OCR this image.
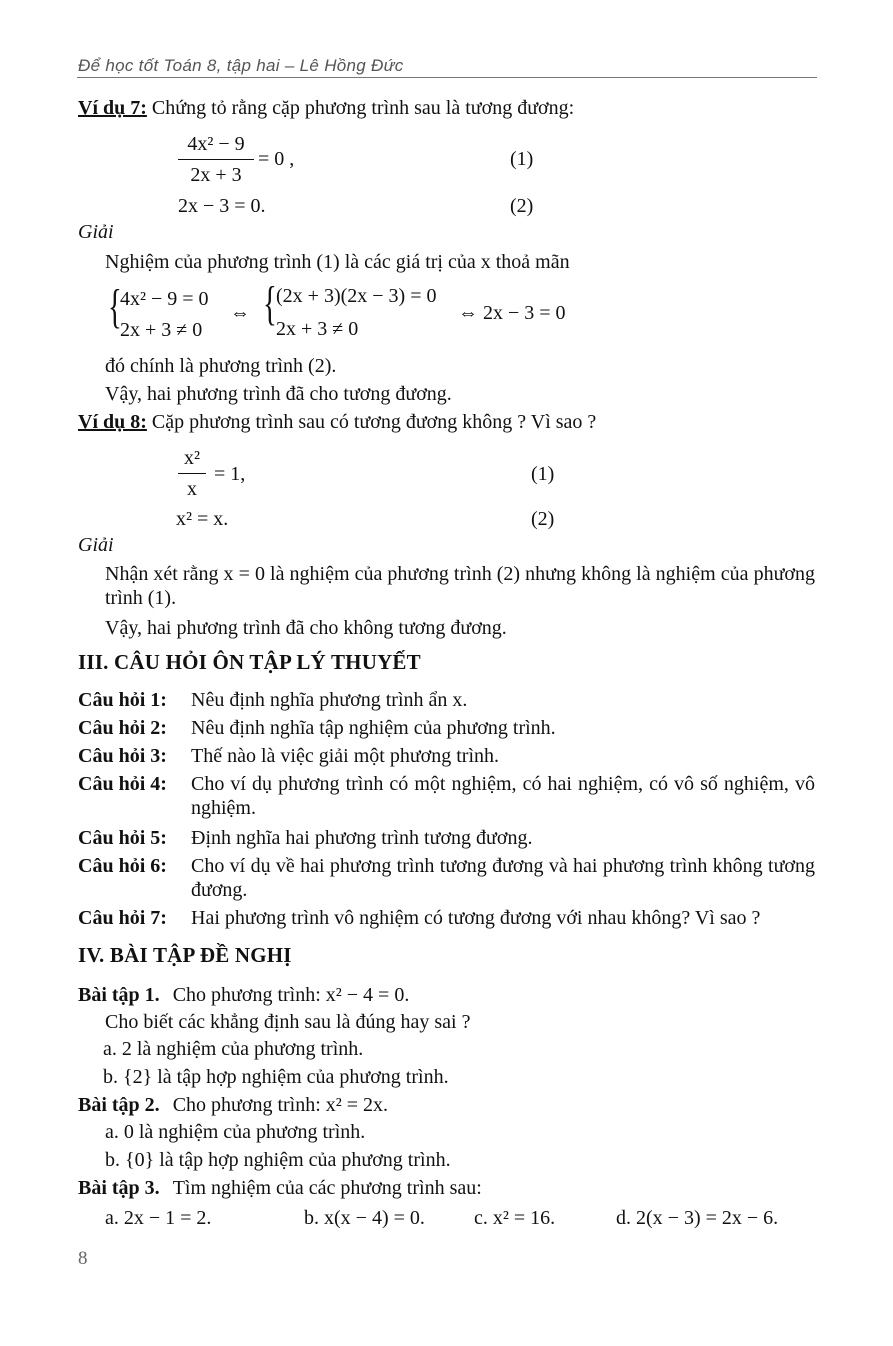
Để học tốt Toán 8, tập hai – Lê Hồng Đức
Ví dụ 7: Chứng tỏ rằng cặp phương trình sau là tương đương:
4x² − 9
2x + 3
= 0 ,	(1)
2x − 3 = 0.	(2)
Giải
Nghiệm của phương trình (1) là các giá trị của x thoả mãn
{
4x² − 9 = 0
2x + 3 ≠ 0
⇔ { (2x + 3)(2x − 3) = 0
2x + 3 ≠ 0
⇔ 2x − 3 = 0
đó chính là phương trình (2).
Vậy, hai phương trình đã cho tương đương.
Ví dụ 8: Cặp phương trình sau có tương đương không ? Vì sao ?
x²
x
= 1,	(1)
x² = x.	(2)
Giải
Nhận xét rằng x = 0 là nghiệm của phương trình (2) nhưng không là nghiệm của phương trình (1).
Vậy, hai phương trình đã cho không tương đương.
III. CÂU HỎI ÔN TẬP LÝ THUYẾT
Câu hỏi 1: Nêu định nghĩa phương trình ẩn x.
Câu hỏi 2: Nêu định nghĩa tập nghiệm của phương trình.
Câu hỏi 3: Thế nào là việc giải một phương trình.
Câu hỏi 4: Cho ví dụ phương trình có một nghiệm, có hai nghiệm, có vô số nghiệm, vô nghiệm.
Câu hỏi 5: Định nghĩa hai phương trình tương đương.
Câu hỏi 6: Cho ví dụ về hai phương trình tương đương và hai phương trình không tương đương.
Câu hỏi 7: Hai phương trình vô nghiệm có tương đương với nhau không? Vì sao ?
IV. BÀI TẬP ĐỀ NGHỊ
Bài tập 1. Cho phương trình: x² − 4 = 0.
Cho biết các khẳng định sau là đúng hay sai ?
a. 2 là nghiệm của phương trình.
b. {2} là tập hợp nghiệm của phương trình.
Bài tập 2. Cho phương trình: x² = 2x.
a. 0 là nghiệm của phương trình.
b. {0} là tập hợp nghiệm của phương trình.
Bài tập 3. Tìm nghiệm của các phương trình sau:
a. 2x − 1 = 2.	b. x(x − 4) = 0. c. x² = 16.	d. 2(x − 3) = 2x − 6.
8
